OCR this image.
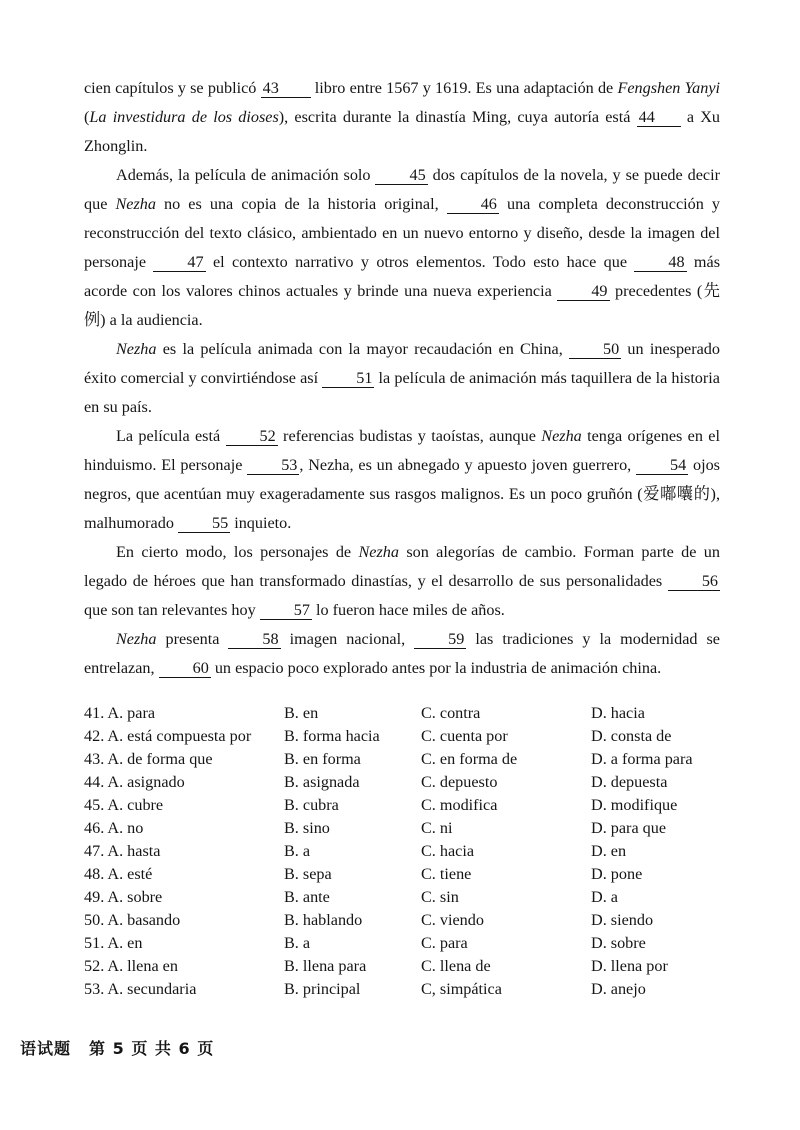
cien capítulos y se publicó 43 libro entre 1567 y 1619. Es una adaptación de Fengshen Yanyi (La investidura de los dioses), escrita durante la dinastía Ming, cuya autoría está 44 a Xu Zhonglin.

Además, la película de animación solo 45 dos capítulos de la novela, y se puede decir que Nezha no es una copia de la historia original, 46 una completa deconstrucción y reconstrucción del texto clásico, ambientado en un nuevo entorno y diseño, desde la imagen del personaje 47 el contexto narrativo y otros elementos. Todo esto hace que 48 más acorde con los valores chinos actuales y brinde una nueva experiencia 49 precedentes (先例) a la audiencia.

Nezha es la película animada con la mayor recaudación en China, 50 un inesperado éxito comercial y convirtiéndose así 51 la película de animación más taquillera de la historia en su país.

La película está 52 referencias budistas y taoístas, aunque Nezha tenga orígenes en el hinduismo. El personaje 53 , Nezha, es un abnegado y apuesto joven guerrero, 54 ojos negros, que acentúan muy exageradamente sus rasgos malignos. Es un poco gruñón (爱嘟囔的), malhumorado 55 inquieto.

En cierto modo, los personajes de Nezha son alegorías de cambio. Forman parte de un legado de héroes que han transformado dinastías, y el desarrollo de sus personalidades 56 que son tan relevantes hoy 57 lo fueron hace miles de años.

Nezha presenta 58 imagen nacional, 59 las tradiciones y la modernidad se entrelazan, 60 un espacio poco explorado antes por la industria de animación china.

41. A. para	B. en	C. contra	D. hacia
42. A. está compuesta por	B. forma hacia	C. cuenta por	D. consta de
43. A. de forma que	B. en forma	C. en forma de	D. a forma para
44. A. asignado	B. asignada	C. depuesto	D. depuesta
45. A. cubre	B. cubra	C. modifica	D. modifique
46. A. no	B. sino	C. ni	D. para que
47. A. hasta	B. a	C. hacia	D. en
48. A. esté	B. sepa	C. tiene	D. pone
49. A. sobre	B. ante	C. sin	D. a
50. A. basando	B. hablando	C. viendo	D. siendo
51. A. en	B. a	C. para	D. sobre
52. A. llena en	B. llena para	C. llena de	D. llena por
53. A. secundaria	B. principal	C, simpática	D. anejo
语试题 第 5 页 共 6 页
